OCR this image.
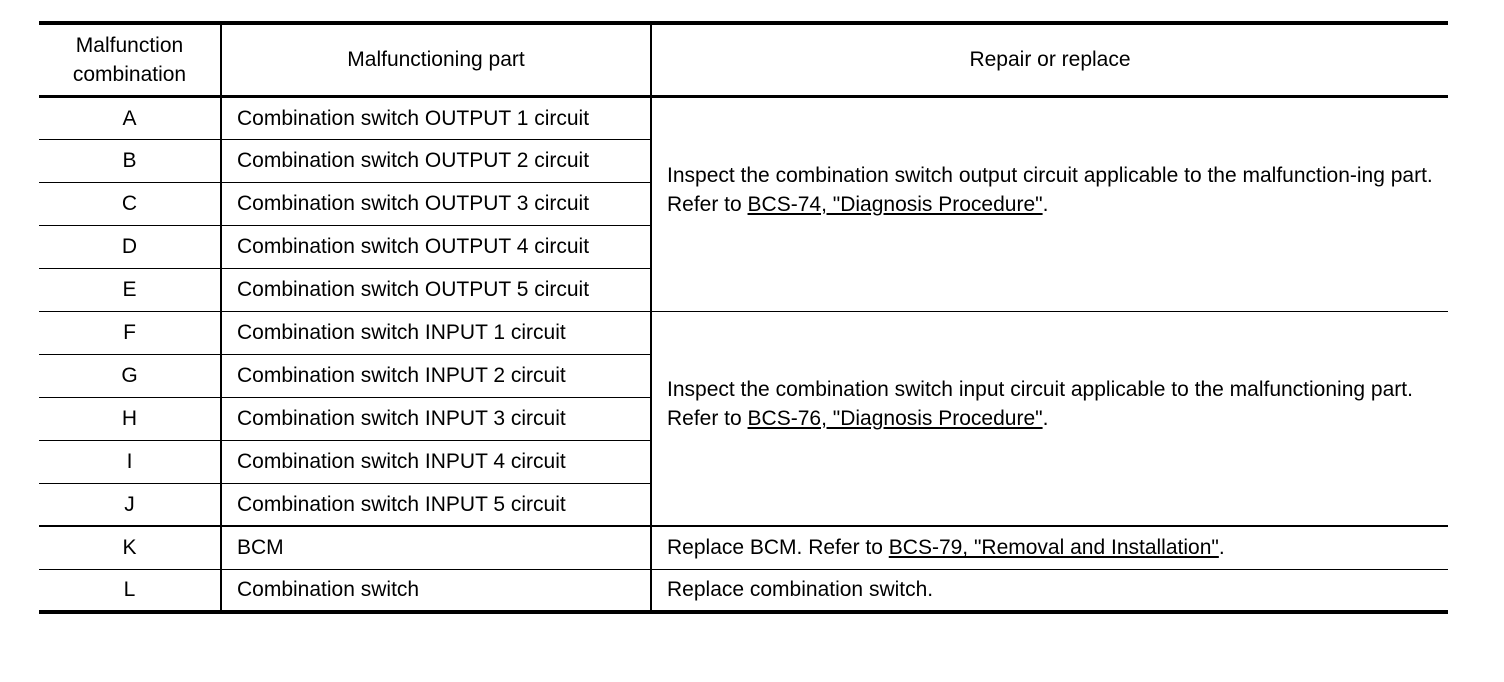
Malfunction combination	Malfunctioning part	Repair or replace
A	Combination switch OUTPUT 1 circuit	Inspect the combination switch output circuit applicable to the malfunction-ing part. Refer to BCS-74, "Diagnosis Procedure".

B	Combination switch OUTPUT 2 circuit	
C	Combination switch OUTPUT 3 circuit	
D	Combination switch OUTPUT 4 circuit	
E	Combination switch OUTPUT 5 circuit	
F	Combination switch INPUT 1 circuit	Inspect the combination switch input circuit applicable to the malfunctioning part. Refer to BCS-76, "Diagnosis Procedure".

G	Combination switch INPUT 2 circuit	
H	Combination switch INPUT 3 circuit	
I	Combination switch INPUT 4 circuit	
J	Combination switch INPUT 5 circuit	
K	BCM	Replace BCM. Refer to BCS-79, "Removal and Installation".
L	Combination switch	Replace combination switch.
